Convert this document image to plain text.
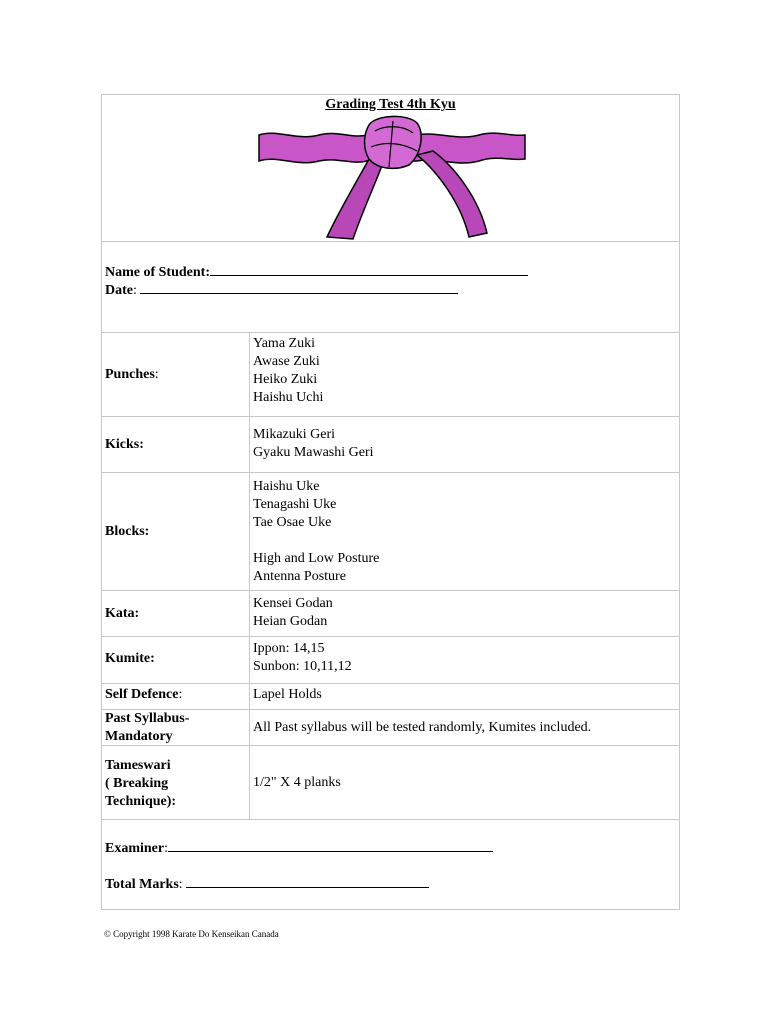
Grading Test 4th Kyu
Name of Student:
Date:
Punches:
Yama Zuki
Awase Zuki
Heiko Zuki
Haishu Uchi
Kicks:
Mikazuki Geri
Gyaku Mawashi Geri
Blocks:
Haishu Uke
Tenagashi Uke
Tae Osae Uke
High and Low Posture
Antenna Posture
Kata:
Kensei Godan
Heian Godan
Kumite:
Ippon: 14,15
Sunbon: 10,11,12
Self Defence:	Lapel Holds
Past Syllabus-
Mandatory
All Past syllabus will be tested randomly, Kumites included.
Tameswari
( Breaking
Technique):
1/2" X 4 planks
Examiner:
Total Marks:
© Copyright 1998 Karate Do Kenseikan Canada
